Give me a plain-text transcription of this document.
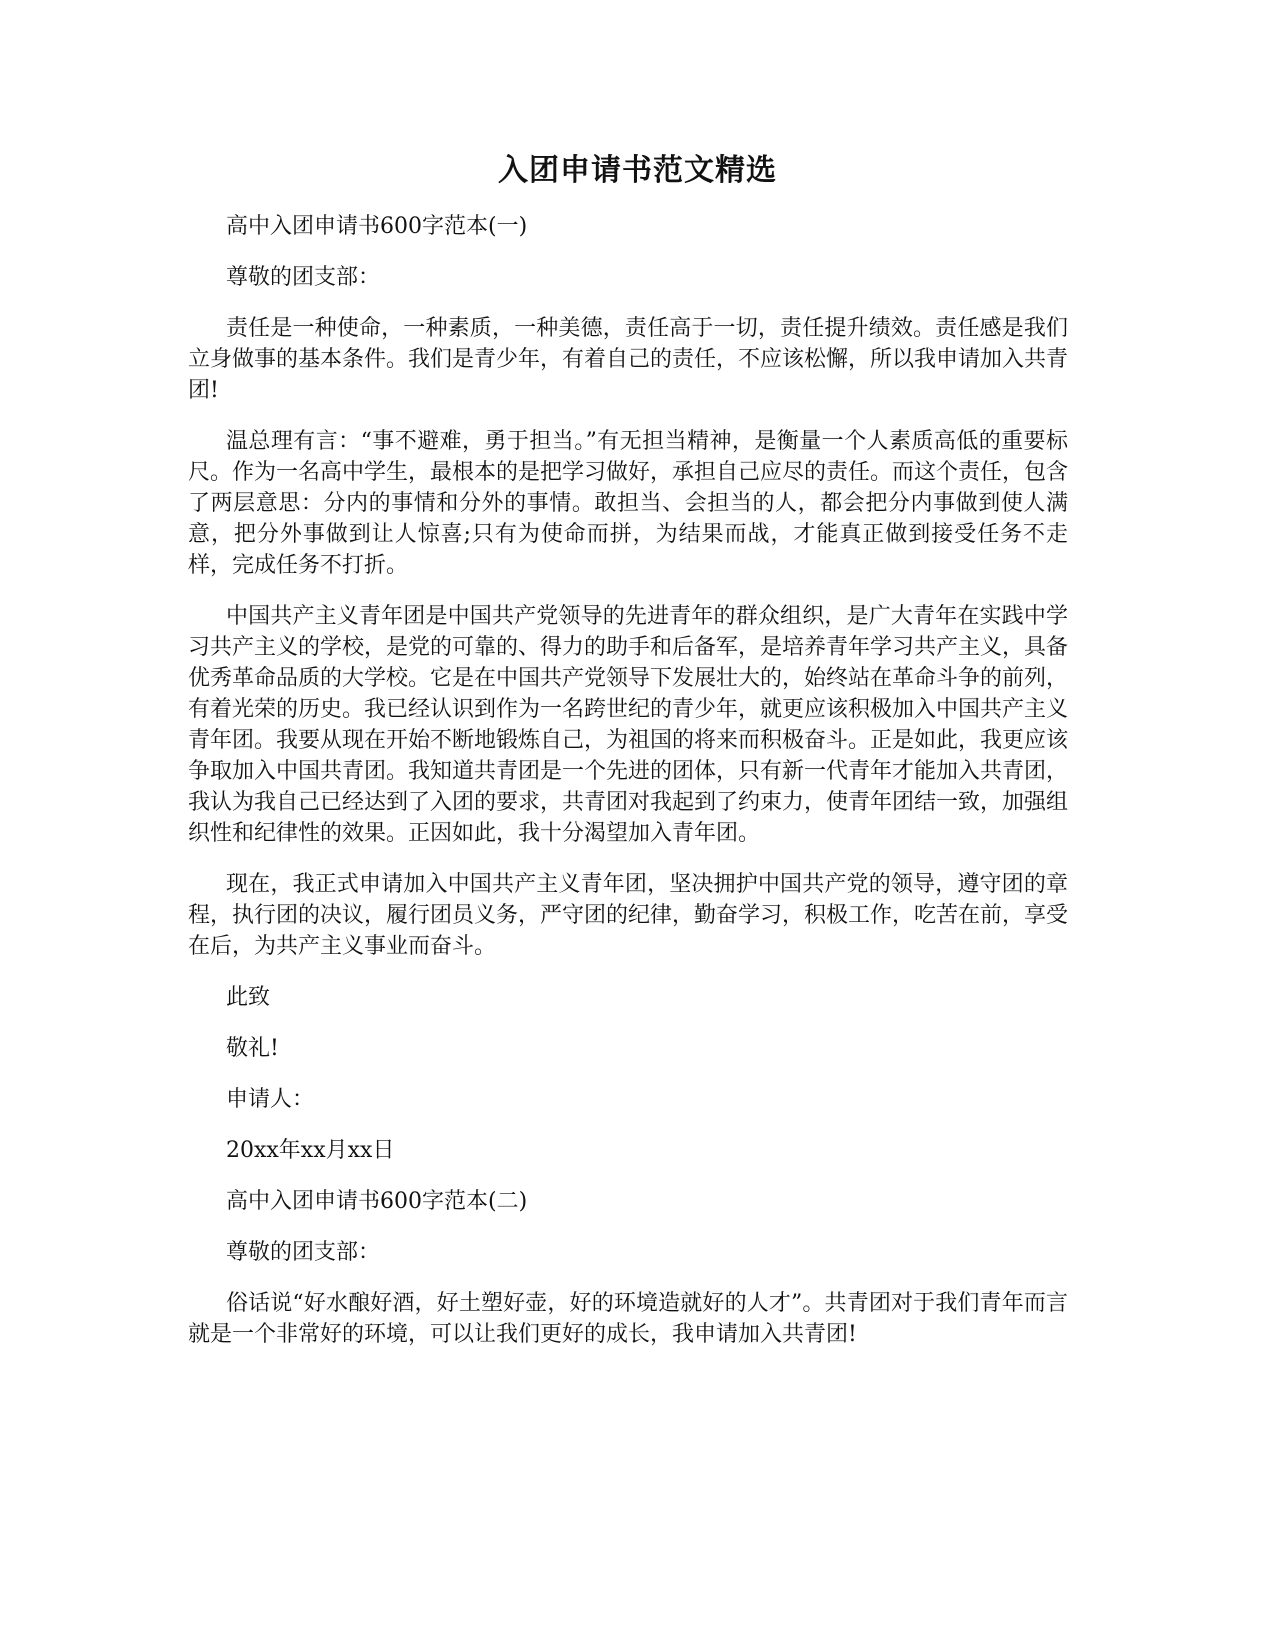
入团申请书范文精选

高中入团申请书600字范本(一)

尊敬的团支部：

责任是一种使命，一种素质，一种美德，责任高于一切，责任提升绩效。责任感是我们立身做事的基本条件。我们是青少年，有着自己的责任，不应该松懈，所以我申请加入共青团!

温总理有言：“事不避难，勇于担当。”有无担当精神，是衡量一个人素质高低的重要标尺。作为一名高中学生，最根本的是把学习做好，承担自己应尽的责任。而这个责任，包含了两层意思：分内的事情和分外的事情。敢担当、会担当的人，都会把分内事做到使人满意，把分外事做到让人惊喜;只有为使命而拼，为结果而战，才能真正做到接受任务不走样，完成任务不打折。

中国共产主义青年团是中国共产党领导的先进青年的群众组织，是广大青年在实践中学习共产主义的学校，是党的可靠的、得力的助手和后备军，是培养青年学习共产主义，具备优秀革命品质的大学校。它是在中国共产党领导下发展壮大的，始终站在革命斗争的前列，有着光荣的历史。我已经认识到作为一名跨世纪的青少年，就更应该积极加入中国共产主义青年团。我要从现在开始不断地锻炼自己，为祖国的将来而积极奋斗。正是如此，我更应该争取加入中国共青团。我知道共青团是一个先进的团体，只有新一代青年才能加入共青团，我认为我自己已经达到了入团的要求，共青团对我起到了约束力，使青年团结一致，加强组织性和纪律性的效果。正因如此，我十分渴望加入青年团。

现在，我正式申请加入中国共产主义青年团，坚决拥护中国共产党的领导，遵守团的章程，执行团的决议，履行团员义务，严守团的纪律，勤奋学习，积极工作，吃苦在前，享受在后，为共产主义事业而奋斗。

此致

敬礼!

申请人：

20xx年xx月xx日

高中入团申请书600字范本(二)

尊敬的团支部：

俗话说“好水酿好酒，好土塑好壶，好的环境造就好的人才”。共青团对于我们青年而言就是一个非常好的环境，可以让我们更好的成长，我申请加入共青团!
